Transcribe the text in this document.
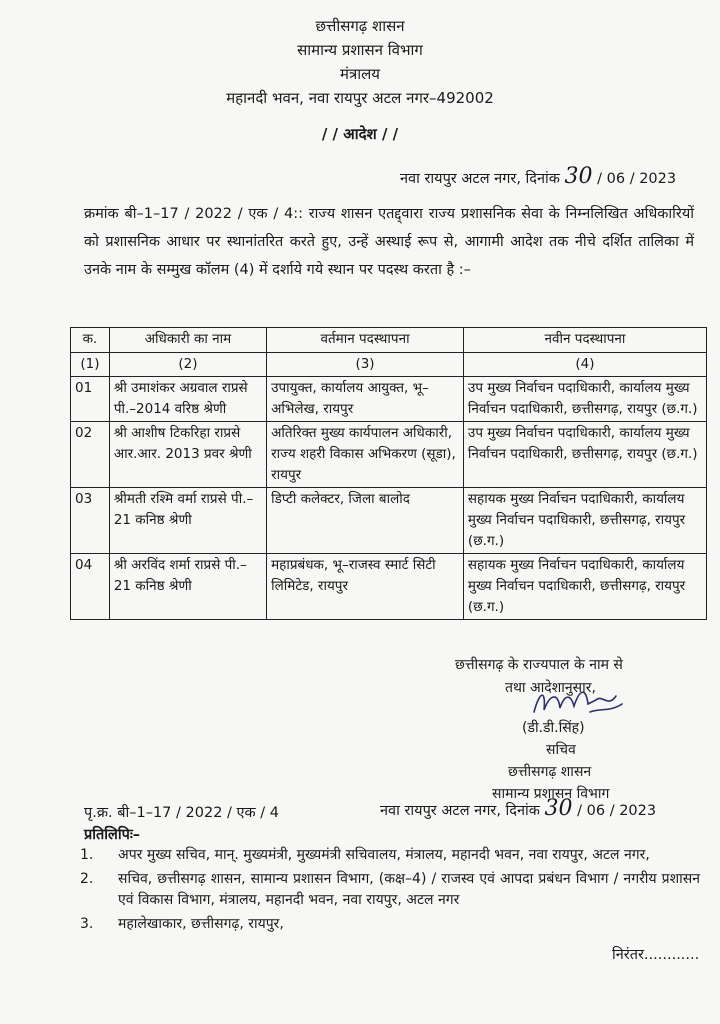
छत्तीसगढ़ शासन
सामान्य प्रशासन विभाग
मंत्रालय
महानदी भवन, नवा रायपुर अटल नगर–492002
/ / आदेश / /
नवा रायपुर अटल नगर, दिनांक 30 / 06 / 2023
क्रमांक बी–1–17 / 2022 / एक / 4:: राज्य शासन एतद्द्वारा राज्य प्रशासनिक सेवा के निम्नलिखित अधिकारियों को प्रशासनिक आधार पर स्थानांतरित करते हुए, उन्हें अस्थाई रूप से, आगामी आदेश तक नीचे दर्शित तालिका में उनके नाम के सम्मुख कॉलम (4) में दर्शाये गये स्थान पर पदस्थ करता है :–
क.	अधिकारी का नाम	वर्तमान पदस्थापना	नवीन पदस्थापना
(1)	(2)	(3)	(4)
01	श्री उमाशंकर अग्रवाल राप्रसे पी.–2014 वरिष्ठ श्रेणी	उपायुक्त, कार्यालय आयुक्त, भू–अभिलेख, रायपुर	उप मुख्य निर्वाचन पदाधिकारी, कार्यालय मुख्य निर्वाचन पदाधिकारी, छत्तीसगढ़, रायपुर (छ.ग.)
02	श्री आशीष टिकरिहा राप्रसे आर.आर. 2013 प्रवर श्रेणी	अतिरिक्त मुख्य कार्यपालन अधिकारी, राज्य शहरी विकास अभिकरण (सूडा), रायपुर	उप मुख्य निर्वाचन पदाधिकारी, कार्यालय मुख्य निर्वाचन पदाधिकारी, छत्तीसगढ़, रायपुर (छ.ग.)
03	श्रीमती रश्मि वर्मा राप्रसे पी.–21 कनिष्ठ श्रेणी	डिप्टी कलेक्टर, जिला बालोद	सहायक मुख्य निर्वाचन पदाधिकारी, कार्यालय मुख्य निर्वाचन पदाधिकारी, छत्तीसगढ़, रायपुर (छ.ग.)
04	श्री अरविंद शर्मा राप्रसे पी.–21 कनिष्ठ श्रेणी	महाप्रबंधक, भू–राजस्व स्मार्ट सिटी लिमिटेड, रायपुर	सहायक मुख्य निर्वाचन पदाधिकारी, कार्यालय मुख्य निर्वाचन पदाधिकारी, छत्तीसगढ़, रायपुर (छ.ग.)
छत्तीसगढ़ के राज्यपाल के नाम से
तथा आदेशानुसार,
(डी.डी.सिंह)
सचिव
छत्तीसगढ़ शासन
सामान्य प्रशासन विभाग
पृ.क्र. बी–1–17 / 2022 / एक / 4	नवा रायपुर अटल नगर, दिनांक 30 / 06 / 2023
प्रतिलिपिः–
1. अपर मुख्य सचिव, मान्. मुख्यमंत्री, मुख्यमंत्री सचिवालय, मंत्रालय, महानदी भवन, नवा रायपुर, अटल नगर,
2. सचिव, छत्तीसगढ़ शासन, सामान्य प्रशासन विभाग, (कक्ष–4) / राजस्व एवं आपदा प्रबंधन विभाग / नगरीय प्रशासन एवं विकास विभाग, मंत्रालय, महानदी भवन, नवा रायपुर, अटल नगर
3. महालेखाकार, छत्तीसगढ़, रायपुर,
निरंतर............
